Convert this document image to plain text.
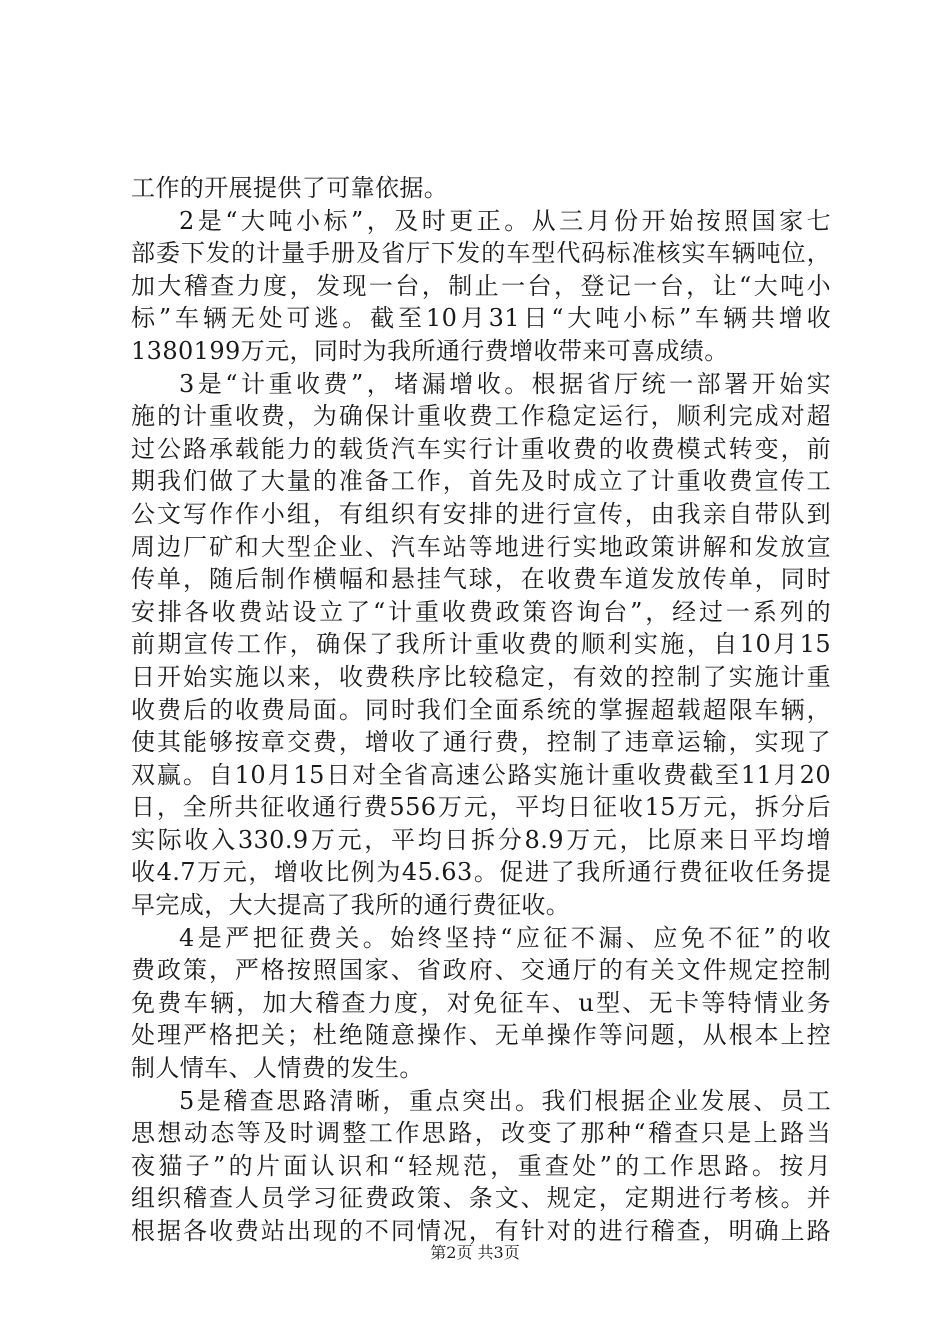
工作的开展提供了可靠依据。
2是“大吨小标”，及时更正。从三月份开始按照国家七
部委下发的计量手册及省厅下发的车型代码标准核实车辆吨位，
加大稽查力度，发现一台，制止一台，登记一台，让“大吨小
标”车辆无处可逃。截至10月31日“大吨小标”车辆共增收
1380199万元，同时为我所通行费增收带来可喜成绩。
3是“计重收费”，堵漏增收。根据省厅统一部署开始实
施的计重收费，为确保计重收费工作稳定运行，顺利完成对超
过公路承载能力的载货汽车实行计重收费的收费模式转变，前
期我们做了大量的准备工作，首先及时成立了计重收费宣传工
公文写作作小组，有组织有安排的进行宣传，由我亲自带队到
周边厂矿和大型企业、汽车站等地进行实地政策讲解和发放宣
传单，随后制作横幅和悬挂气球，在收费车道发放传单，同时
安排各收费站设立了“计重收费政策咨询台”，经过一系列的
前期宣传工作，确保了我所计重收费的顺利实施，自10月15
日开始实施以来，收费秩序比较稳定，有效的控制了实施计重
收费后的收费局面。同时我们全面系统的掌握超载超限车辆，
使其能够按章交费，增收了通行费，控制了违章运输，实现了
双赢。自10月15日对全省高速公路实施计重收费截至11月20
日，全所共征收通行费556万元，平均日征收15万元，拆分后
实际收入330.9万元，平均日拆分8.9万元，比原来日平均增
收4.7万元，增收比例为45.63。促进了我所通行费征收任务提
早完成，大大提高了我所的通行费征收。
4是严把征费关。始终坚持“应征不漏、应免不征”的收
费政策，严格按照国家、省政府、交通厅的有关文件规定控制
免费车辆，加大稽查力度，对免征车、u型、无卡等特情业务
处理严格把关；杜绝随意操作、无单操作等问题，从根本上控
制人情车、人情费的发生。
5是稽查思路清晰，重点突出。我们根据企业发展、员工
思想动态等及时调整工作思路，改变了那种“稽查只是上路当
夜猫子”的片面认识和“轻规范，重查处”的工作思路。按月
组织稽查人员学习征费政策、条文、规定，定期进行考核。并
根据各收费站出现的不同情况，有针对的进行稽查，明确上路
第2页 共3页
